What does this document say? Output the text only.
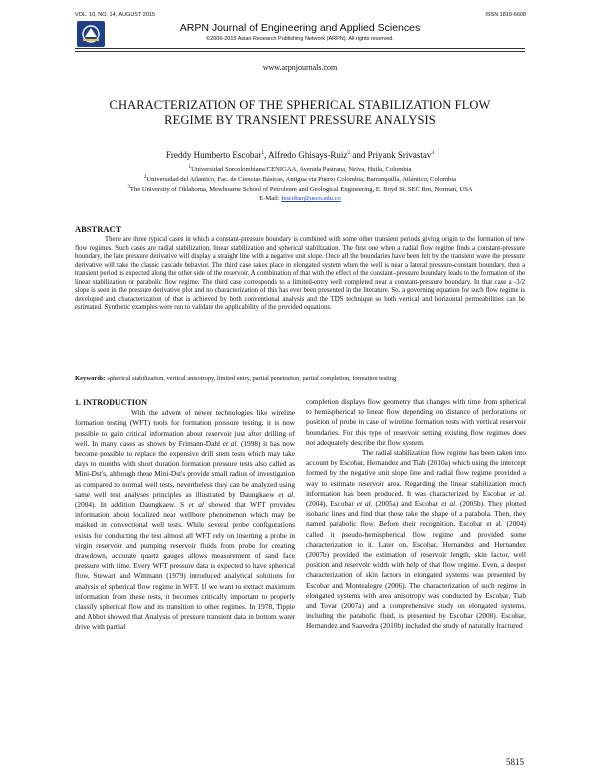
VOL. 10, NO. 14, AUGUST 2015	ISSN 1819-6608
ARPN Journal of Engineering and Applied Sciences
©2006-2015 Asian Research Publishing Network (ARPN). All rights reserved.
www.arpnjournals.com
CHARACTERIZATION OF THE SPHERICAL STABILIZATION FLOW
REGIME BY TRANSIENT PRESSURE ANALYSIS
Freddy Humberto Escobar$^1$, Alfredo Ghisays-Ruiz$^2$ and Priyank Srivastav$^3$
$^1$Universidad Surcolombiana/CENIGAA, Avenida Pastrana, Neiva, Huila, Colombia
$^2$Universidad del Atlantico, Fac. de Ciencias Básicas, Antigua via Puerto Colombia, Barranquilla, Atlántico, Colombia
$^3$The University of Oklahoma, Mewbourne School of Petroleum and Geological Engineering, E. Boyd St. SEC Rm, Norman, USA
E-Mail: fescobar@usco.edu.co
ABSTRACT

There are three typical cases in which a constant-pressure boundary is combined with some other transient periods giving origin to the formation of new flow regimes. Such cases are radial stabilization, linear stabilization and spherical stabilization. The first one when a radial flow regime finds a constant-pressure boundary, the late pressure derivative will display a straight line with a negative unit slope. Once all the boundaries have been felt by the transient wave the pressure derivative will take the classic cascade behavior. The third case takes place in elongated system when the well is near a lateral pressure-constant boundary, then a transient period is expected along the other side of the reservoir. A combination of that with the effect of the constant–pressure boundary leads to the formation of the linear stabilization or parabolic flow regime. The third case corresponds to a limited-entry well completed near a constant-pressure boundary. In that case a -3/2 slope is seen in the pressure derivative plot and no characterization of this has ever been presented in the literature. So, a governing equation for such flow regime is developed and characterization of that is achieved by both conventional analysis and the TDS technique so both vertical and horizontal permeabilities can be estimated. Synthetic examples were run to validate the applicability of the provided equations.

Keywords: spherical stabilization, vertical anisotropy, limited entry, partial penetration, partial completion, formation testing
1. INTRODUCTION

With the advent of newer technologies like wireline formation testing (WFT) tools for formation pressure testing, it is now possible to gain critical information about reservoir just after drilling of well. In many cases as shown by Frimann-Dahl et al. (1998) it has now become possible to replace the expensive drill stem tests which may take days to months with short duration formation pressure tests also called as Mini-Dst's, although these Mini-Dst's provide small radius of investigation as compared to normal well tests, nevertheless they can be analyzed using same well test analyses principles as illustrated by Daungkaew et al. (2004). In addition Daungkaew. S et al showed that WFT provides information about localized near wellbore phenomenon which may be masked in convectional well tests. While several probe configurations exists for conducting the test almost all WFT rely on inserting a probe in virgin reservoir and pumping reservoir fluids from probe for creating drawdown, accurate quartz gauges allows measurement of sand face pressure with time. Every WFT pressure data is expected to have spherical flow, Stewart and Wittmann (1979) introduced analytical solutions for analysis of spherical flow regime in WFT. If we want to extract maximum information from these tests, it becomes critically important to properly classify spherical flow and its transition to other regimes. In 1978, Tippie and Abbot showed that Analysis of pressure transient data in bottom water drive with partial

completion displays flow geometry that changes with time from spherical to hemispherical to linear flow depending on distance of perforations or position of probe in case of wireline formation tests with vertical reservoir boundaries. For this type of reservoir setting existing flow regimes does not adequately describe the flow system.

The radial stabilization flow regime has been taken into account by Escobar, Hernandez and Tiab (2010a) which using the intercept formed by the negative unit slope line and radial flow regime provided a way to estimate reservoir area. Regarding the linear stabilization much information has been produced. It was characterized by Escobar et al. (2004), Escobar et al. (2005a) and Escobar et al. (2005b). They plotted isobaric lines and find that these take the shape of a parabola. Then, they named parabolic flow. Before their recognition, Escobar et al. (2004) called it pseudo-hemispherical flow regime and provided some characterization to it. Later on, Escobar, Hernandez and Hernandez (2007b) provided the estimation of reservoir length, skin factor, well position and reservoir width with help of that flow regime. Even, a deeper characterization of skin factors in elongated systems was presented by Escobar and Montealegre (2006). The characterization of such regime in elongated systems with area anisotropy was conducted by Escobar, Tiab and Tovar (2007a) and a comprehensive study on elongated systems, including the parabolic fluid, is presented by Escobar (2008). Escobar, Hernandez and Saavedra (2010b) included the study of naturally fractured

5815
